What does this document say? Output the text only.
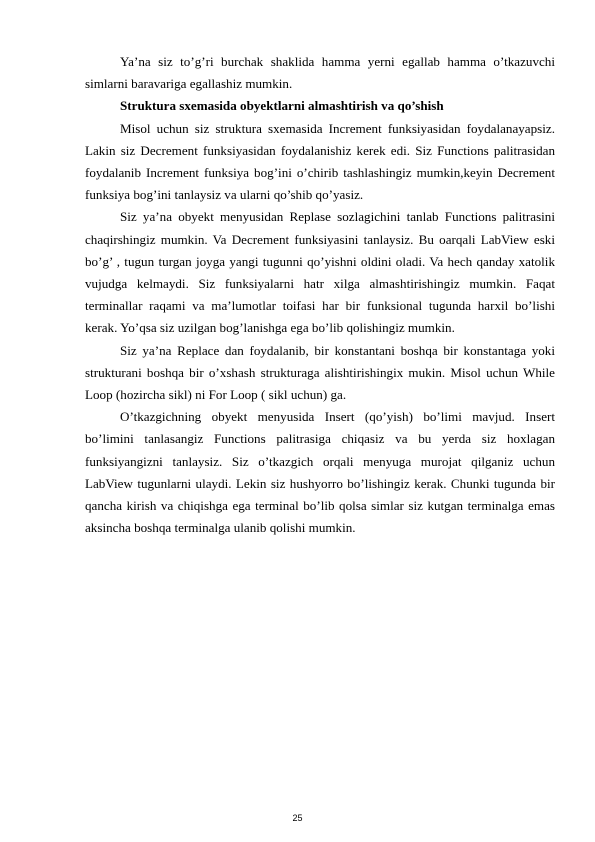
Ya’na siz to’g’ri burchak shaklida hamma yerni egallab hamma o’tkazuvchi simlarni baravariga egallashiz mumkin.

Struktura sxemasida obyektlarni almashtirish va qo’shish

Misol uchun siz struktura sxemasida Increment funksiyasidan foydalanayapsiz. Lakin siz Decrement funksiyasidan foydalanishiz kerek edi. Siz Functions palitrasidan foydalanib Increment funksiya bog’ini o’chirib tashlashingiz mumkin,keyin Decrement funksiya bog’ini tanlaysiz va ularni qo’shib qo’yasiz.

Siz ya’na obyekt menyusidan Replase sozlagichini tanlab Functions palitrasini chaqirshingiz mumkin. Va Decrement funksiyasini tanlaysiz. Bu oarqali LabView eski bo’g’ , tugun turgan joyga yangi tugunni qo’yishni oldini oladi. Va hech qanday xatolik vujudga kelmaydi. Siz funksiyalarni hatr xilga almashtirishingiz mumkin. Faqat terminallar raqami va ma’lumotlar toifasi har bir funksional tugunda harxil bo’lishi kerak. Yo’qsa siz uzilgan bog’lanishga ega bo’lib qolishingiz mumkin.

Siz ya’na Replace dan foydalanib, bir konstantani boshqa bir konstantaga yoki strukturani boshqa bir o’xshash strukturaga alishtirishingix mukin. Misol uchun While Loop (hozircha sikl) ni For Loop ( sikl uchun) ga.

O’tkazgichning obyekt menyusida Insert (qo’yish) bo’limi mavjud. Insert bo’limini tanlasangiz Functions palitrasiga chiqasiz va bu yerda siz hoxlagan funksiyangizni tanlaysiz. Siz o’tkazgich orqali menyuga murojat qilganiz uchun LabView tugunlarni ulaydi. Lekin siz hushyorro bo’lishingiz kerak. Chunki tugunda bir qancha kirish va chiqishga ega terminal bo’lib qolsa simlar siz kutgan terminalga emas aksincha boshqa terminalga ulanib qolishi mumkin.

25
